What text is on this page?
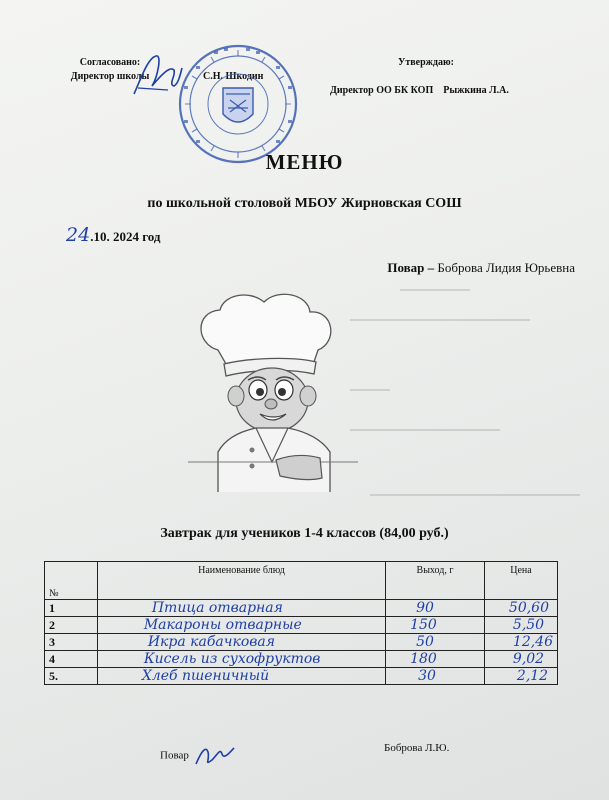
Согласовано:
Директор школы	С.Н. Шкодин
Утверждаю:
Директор ОО БК КОП Рыжкина Л.А.
МЕНЮ
по школьной столовой МБОУ Жирновская СОШ
24.10. 2024 год
Повар – Боброва Лидия Юрьевна
Завтрак для учеников 1-4 классов (84,00 руб.)
№	Наименование блюд	Выход, г	Цена
1	Птица отварная	90	50,60
2	Макароны отварные	150	5,50
3	Икра кабачковая	50	12,46
4	Кисель из сухофруктов	180	9,02
5.	Хлеб пшеничный	30	2,12
Повар
Боброва Л.Ю.
